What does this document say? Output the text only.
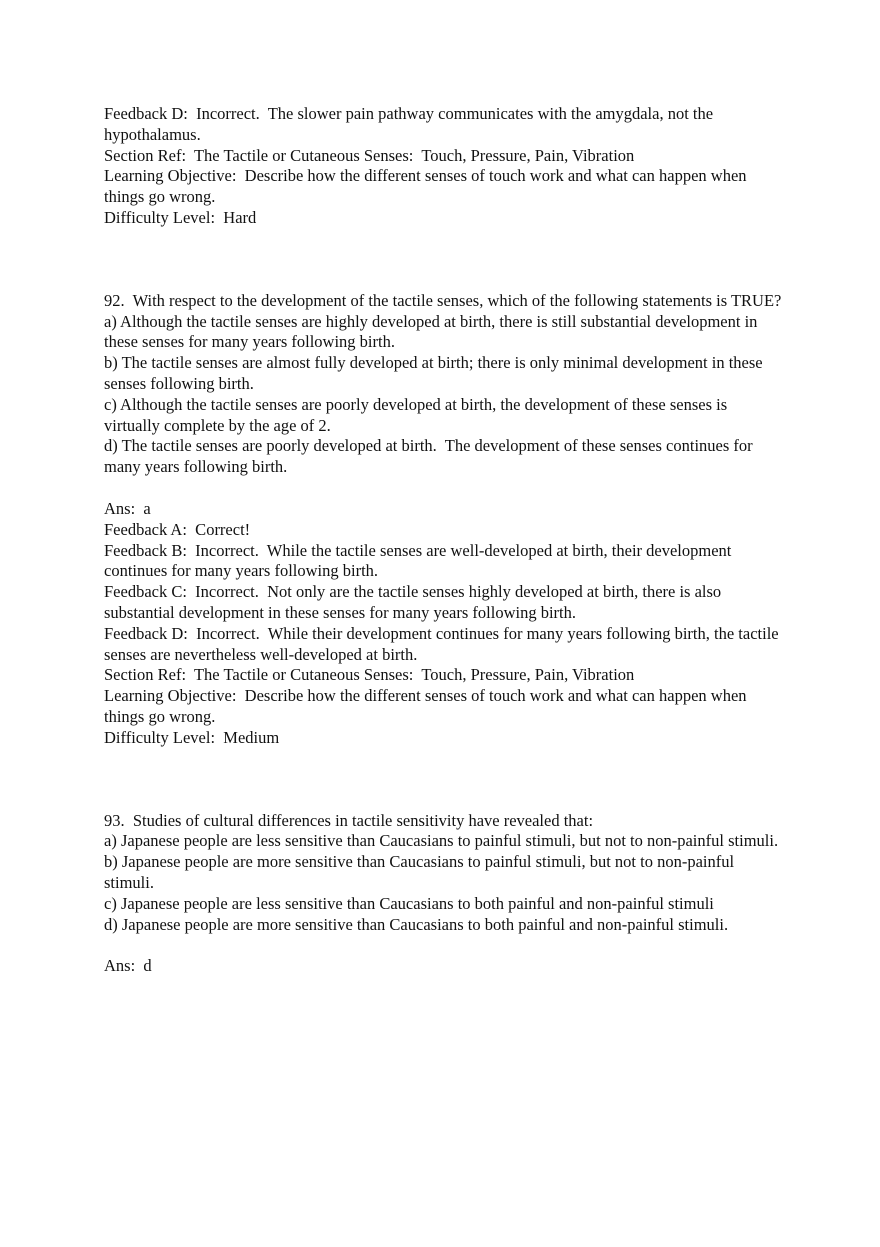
Feedback D:  Incorrect.  The slower pain pathway communicates with the amygdala, not the hypothalamus.

Section Ref:  The Tactile or Cutaneous Senses:  Touch, Pressure, Pain, Vibration

Learning Objective:  Describe how the different senses of touch work and what can happen when things go wrong.

Difficulty Level:  Hard

92.  With respect to the development of the tactile senses, which of the following statements is TRUE?

a) Although the tactile senses are highly developed at birth, there is still substantial development in these senses for many years following birth.

b) The tactile senses are almost fully developed at birth; there is only minimal development in these senses following birth.

c) Although the tactile senses are poorly developed at birth, the development of these senses is virtually complete by the age of 2.

d) The tactile senses are poorly developed at birth.  The development of these senses continues for many years following birth.

Ans:  a

Feedback A:  Correct!

Feedback B:  Incorrect.  While the tactile senses are well-developed at birth, their development continues for many years following birth.

Feedback C:  Incorrect.  Not only are the tactile senses highly developed at birth, there is also substantial development in these senses for many years following birth.

Feedback D:  Incorrect.  While their development continues for many years following birth, the tactile senses are nevertheless well-developed at birth.

Section Ref:  The Tactile or Cutaneous Senses:  Touch, Pressure, Pain, Vibration

Learning Objective:  Describe how the different senses of touch work and what can happen when things go wrong.

Difficulty Level:  Medium

93.  Studies of cultural differences in tactile sensitivity have revealed that:

a) Japanese people are less sensitive than Caucasians to painful stimuli, but not to non-painful stimuli.

b) Japanese people are more sensitive than Caucasians to painful stimuli, but not to non-painful stimuli.

c) Japanese people are less sensitive than Caucasians to both painful and non-painful stimuli

d) Japanese people are more sensitive than Caucasians to both painful and non-painful stimuli.

Ans:  d
